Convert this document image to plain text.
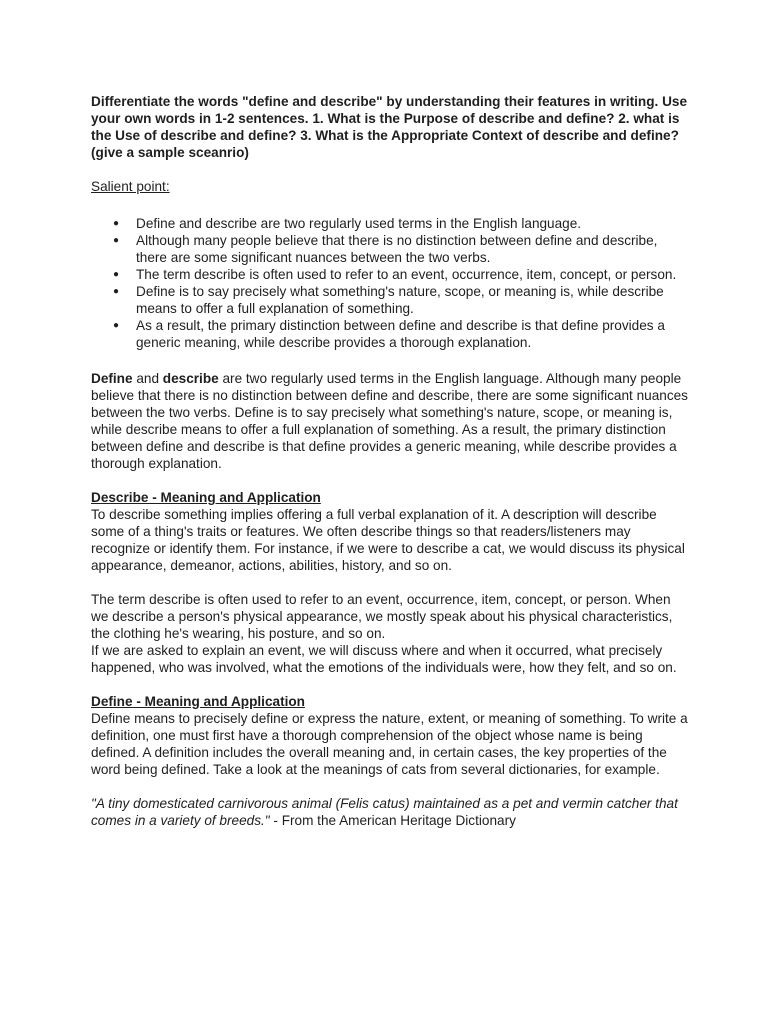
Differentiate the words "define and describe" by understanding their features in writing. Use your own words in 1-2 sentences. 1. What is the Purpose of describe and define? 2. what is the Use of describe and define? 3. What is the Appropriate Context of describe and define? (give a sample sceanrio)

Salient point:

● Define and describe are two regularly used terms in the English language.
● Although many people believe that there is no distinction between define and describe, there are some significant nuances between the two verbs.
● The term describe is often used to refer to an event, occurrence, item, concept, or person.
● Define is to say precisely what something's nature, scope, or meaning is, while describe means to offer a full explanation of something.
● As a result, the primary distinction between define and describe is that define provides a generic meaning, while describe provides a thorough explanation.

Define and describe are two regularly used terms in the English language. Although many people believe that there is no distinction between define and describe, there are some significant nuances between the two verbs. Define is to say precisely what something's nature, scope, or meaning is, while describe means to offer a full explanation of something. As a result, the primary distinction between define and describe is that define provides a generic meaning, while describe provides a thorough explanation.

Describe - Meaning and Application

To describe something implies offering a full verbal explanation of it. A description will describe some of a thing's traits or features. We often describe things so that readers/listeners may recognize or identify them. For instance, if we were to describe a cat, we would discuss its physical appearance, demeanor, actions, abilities, history, and so on.

The term describe is often used to refer to an event, occurrence, item, concept, or person. When we describe a person's physical appearance, we mostly speak about his physical characteristics, the clothing he's wearing, his posture, and so on.

If we are asked to explain an event, we will discuss where and when it occurred, what precisely happened, who was involved, what the emotions of the individuals were, how they felt, and so on.

Define - Meaning and Application

Define means to precisely define or express the nature, extent, or meaning of something. To write a definition, one must first have a thorough comprehension of the object whose name is being defined. A definition includes the overall meaning and, in certain cases, the key properties of the word being defined. Take a look at the meanings of cats from several dictionaries, for example.

"A tiny domesticated carnivorous animal (Felis catus) maintained as a pet and vermin catcher that comes in a variety of breeds." - From the American Heritage Dictionary
